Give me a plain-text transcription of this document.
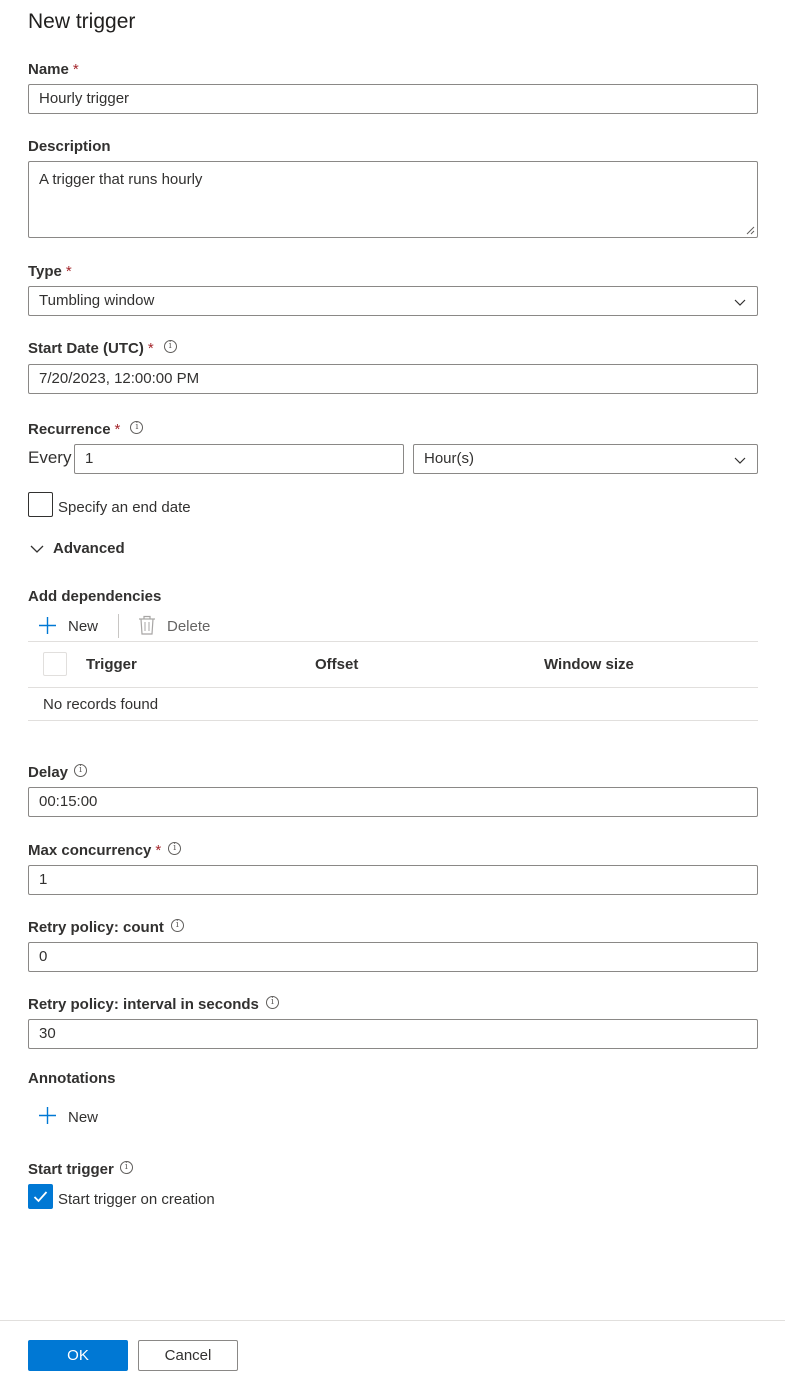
New trigger
Name *
Hourly trigger
Description
A trigger that runs hourly
Type *
Tumbling window
Start Date (UTC) * i
7/20/2023, 12:00:00 PM
Recurrence * i
Every 1	Hour(s)
Specify an end date
Advanced
Add dependencies
New	Delete
Trigger	Offset	Window size
No records found
Delay i
00:15:00
Max concurrency * i
1
Retry policy: count i
0
Retry policy: interval in seconds i
30
Annotations
New
Start trigger i
Start trigger on creation
OK	Cancel
